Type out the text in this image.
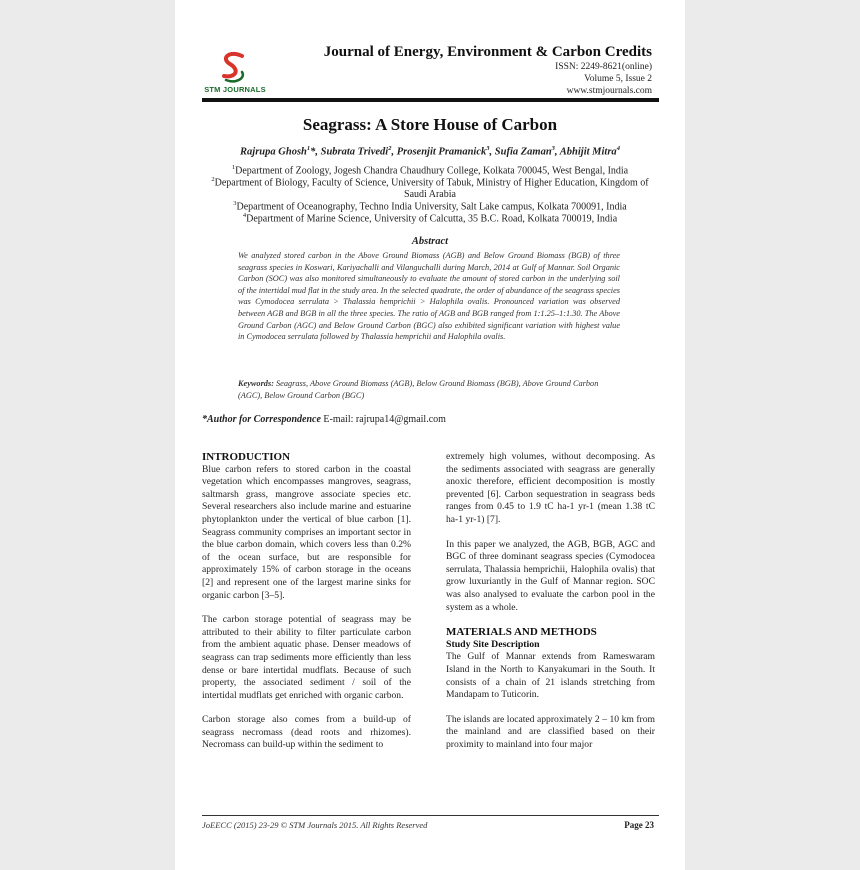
STM JOURNALS
Journal of Energy, Environment & Carbon Credits
ISSN: 2249-8621(online)
Volume 5, Issue 2
www.stmjournals.com
Seagrass: A Store House of Carbon
Rajrupa Ghosh$^1$*, Subrata Trivedi$^2$, Prosenjit Pramanick$^3$, Sufia Zaman$^3$, Abhijit Mitra$^4$
$^1$Department of Zoology, Jogesh Chandra Chaudhury College, Kolkata 700045, West Bengal, India
$^2$Department of Biology, Faculty of Science, University of Tabuk, Ministry of Higher Education, Kingdom of Saudi Arabia
$^3$Department of Oceanography, Techno India University, Salt Lake campus, Kolkata 700091, India
$^4$Department of Marine Science, University of Calcutta, 35 B.C. Road, Kolkata 700019, India
Abstract
We analyzed stored carbon in the Above Ground Biomass (AGB) and Below Ground Biomass (BGB) of three seagrass species in Koswari, Kariyachalli and Vilanguchalli during March, 2014 at Gulf of Mannar. Soil Organic Carbon (SOC) was also monitored simultaneously to evaluate the amount of stored carbon in the underlying soil of the intertidal mud flat in the study area. In the selected quadrate, the order of abundance of the seagrass species was Cymodocea serrulata > Thalassia hemprichii > Halophila ovalis. Pronounced variation was observed between AGB and BGB in all the three species. The ratio of AGB and BGB ranged from 1:1.25–1:1.30. The Above Ground Carbon (AGC) and Below Ground Carbon (BGC) also exhibited significant variation with highest value in Cymodocea serrulata followed by Thalassia hemprichii and Halophila ovalis.
Keywords: Seagrass, Above Ground Biomass (AGB), Below Ground Biomass (BGB), Above Ground Carbon (AGC), Below Ground Carbon (BGC)
*Author for Correspondence E-mail: rajrupa14@gmail.com
INTRODUCTION

Blue carbon refers to stored carbon in the coastal vegetation which encompasses mangroves, seagrass, saltmarsh grass, mangrove associate species etc. Several researchers also include marine and estuarine phytoplankton under the vertical of blue carbon [1]. Seagrass community comprises an important sector in the blue carbon domain, which covers less than 0.2% of the ocean surface, but are responsible for approximately 15% of carbon storage in the oceans [2] and represent one of the largest marine sinks for organic carbon [3–5].

The carbon storage potential of seagrass may be attributed to their ability to filter particulate carbon from the ambient aquatic phase. Denser meadows of seagrass can trap sediments more efficiently than less dense or bare intertidal mudflats. Because of such property, the associated sediment / soil of the intertidal mudflats get enriched with organic carbon.

Carbon storage also comes from a build-up of seagrass necromass (dead roots and rhizomes). Necromass can build-up within the sediment to

extremely high volumes, without decomposing. As the sediments associated with seagrass are generally anoxic therefore, efficient decomposition is mostly prevented [6]. Carbon sequestration in seagrass beds ranges from 0.45 to 1.9 tC ha-1 yr-1 (mean 1.38 tC ha-1 yr-1) [7].

In this paper we analyzed, the AGB, BGB, AGC and BGC of three dominant seagrass species (Cymodocea serrulata, Thalassia hemprichii, Halophila ovalis) that grow luxuriantly in the Gulf of Mannar region. SOC was also analysed to evaluate the carbon pool in the system as a whole.

MATERIALS AND METHODS
Study Site Description

The Gulf of Mannar extends from Rameswaram Island in the North to Kanyakumari in the South. It consists of a chain of 21 islands stretching from Mandapam to Tuticorin.

The islands are located approximately 2 – 10 km from the mainland and are classified based on their proximity to mainland into four major

JoEECC (2015) 23-29 © STM Journals 2015. All Rights Reserved	Page 23
